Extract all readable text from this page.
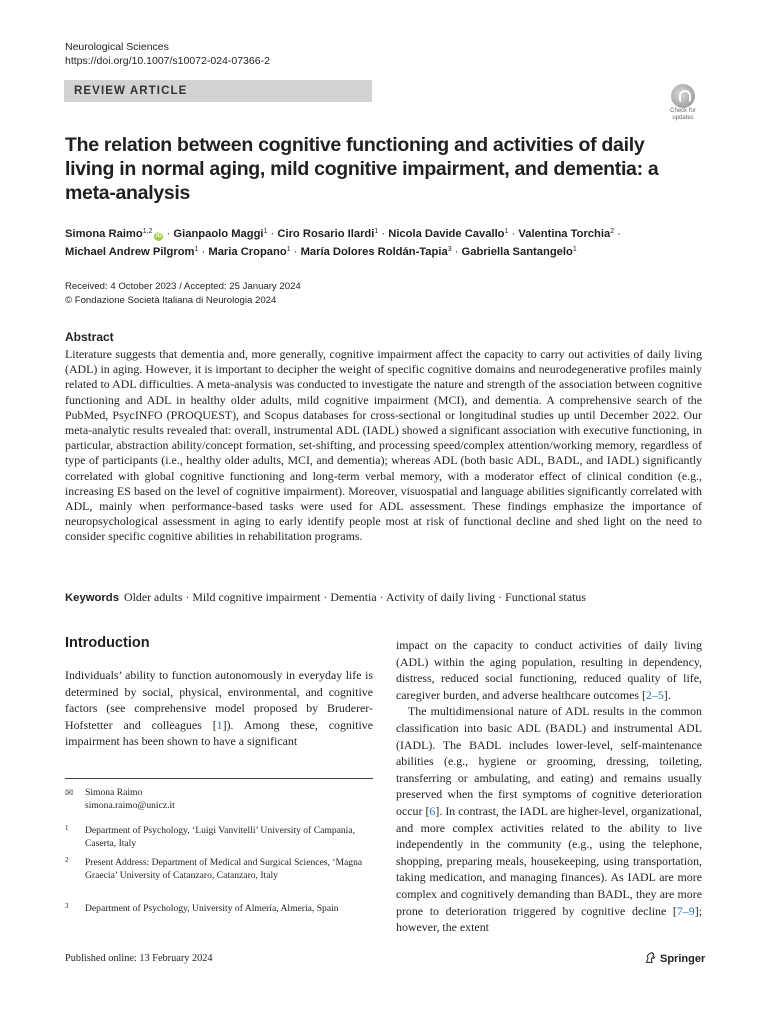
Neurological Sciences
https://doi.org/10.1007/s10072-024-07366-2
REVIEW ARTICLE
Check for
updates
The relation between cognitive functioning and activities of daily living in normal aging, mild cognitive impairment, and dementia: a meta-analysis
Simona Raimo$^{1,2}$iD · Gianpaolo Maggi$^1$ · Ciro Rosario Ilardi$^1$ · Nicola Davide Cavallo$^1$ · Valentina Torchia$^2$ ·
Michael Andrew Pilgrom$^1$ · Maria Cropano$^1$ · María Dolores Roldán-Tapia$^3$ · Gabriella Santangelo$^1$
Received: 4 October 2023 / Accepted: 25 January 2024
© Fondazione Società Italiana di Neurologia 2024
Abstract
Literature suggests that dementia and, more generally, cognitive impairment affect the capacity to carry out activities of daily living (ADL) in aging. However, it is important to decipher the weight of specific cognitive domains and neurodegenerative profiles mainly related to ADL difficulties. A meta-analysis was conducted to investigate the nature and strength of the association between cognitive functioning and ADL in healthy older adults, mild cognitive impairment (MCI), and dementia. A comprehensive search of the PubMed, PsycINFO (PROQUEST), and Scopus databases for cross-sectional or longitudinal studies up until December 2022. Our meta-analytic results revealed that: overall, instrumental ADL (IADL) showed a significant association with executive functioning, in particular, abstraction ability/concept formation, set-shifting, and processing speed/complex attention/working memory, regardless of type of participants (i.e., healthy older adults, MCI, and dementia); whereas ADL (both basic ADL, BADL, and IADL) significantly correlated with global cognitive functioning and long-term verbal memory, with a moderator effect of clinical condition (e.g., increasing ES based on the level of cognitive impairment). Moreover, visuospatial and language abilities significantly correlated with ADL, mainly when performance-based tasks were used for ADL assessment. These findings emphasize the importance of neuropsychological assessment in aging to early identify people most at risk of functional decline and shed light on the need to consider specific cognitive abilities in rehabilitation programs.
Keywords Older adults · Mild cognitive impairment · Dementia · Activity of daily living · Functional status
Introduction
Individuals’ ability to function autonomously in everyday life is determined by social, physical, environmental, and cognitive factors (see comprehensive model proposed by Bruderer-Hofstetter and colleagues [1]). Among these, cognitive impairment has been shown to have a significant

impact on the capacity to conduct activities of daily living (ADL) within the aging population, resulting in dependency, distress, reduced social functioning, reduced quality of life, caregiver burden, and adverse healthcare outcomes [2–5].

The multidimensional nature of ADL results in the common classification into basic ADL (BADL) and instrumental ADL (IADL). The BADL includes lower-level, self-maintenance abilities (e.g., hygiene or grooming, dressing, toileting, transferring or ambulating, and eating) and remains usually preserved when the first symptoms of cognitive deterioration occur [6]. In contrast, the IADL are higher-level, organizational, and more complex activities related to the ability to live independently in the community (e.g., using the telephone, shopping, preparing meals, housekeeping, using transportation, taking medication, and managing finances). As IADL are more complex and cognitively demanding than BADL, they are more prone to deterioration triggered by cognitive decline [7–9]; however, the extent

✉ Simona Raimo
simona.raimo@unicz.it
1 Department of Psychology, ‘Luigi Vanvitelli’ University of Campania, Caserta, Italy
2 Present Address: Department of Medical and Surgical Sciences, ‘Magna Graecia’ University of Catanzaro, Catanzaro, Italy
3 Department of Psychology, University of Almería, Almería, Spain
Published online: 13 February 2024	Springer
